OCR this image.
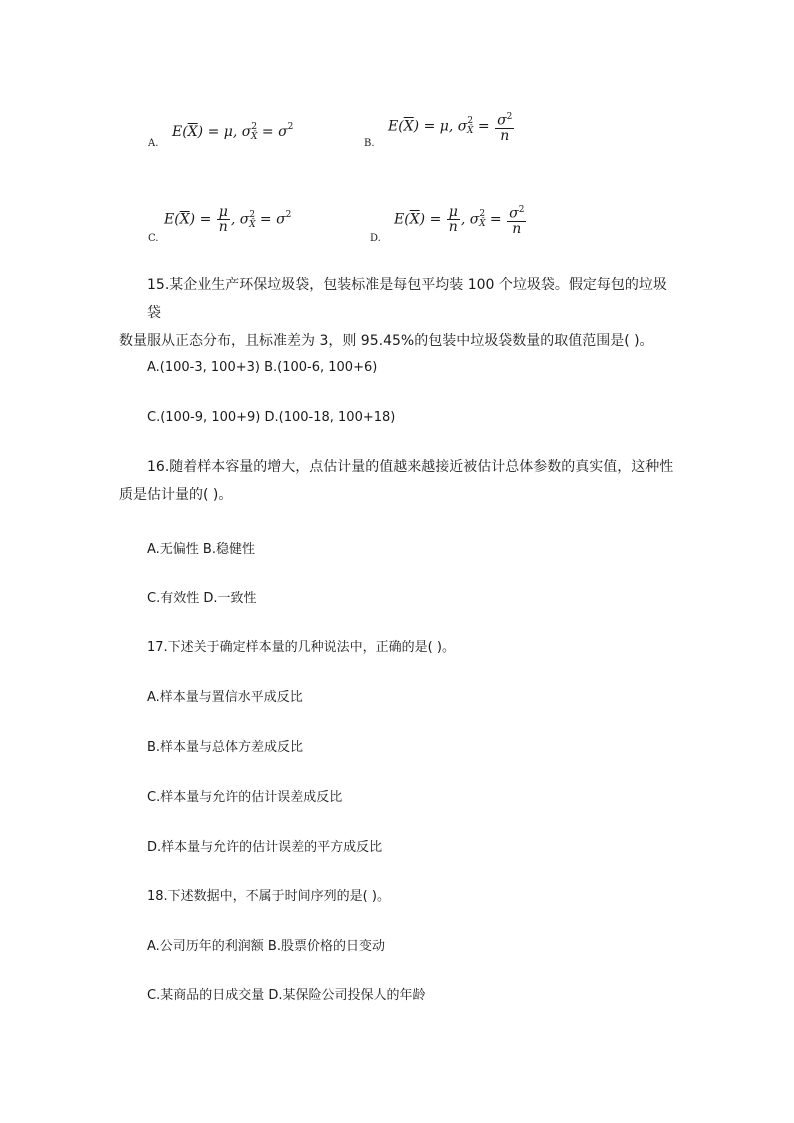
A.
$E(\overline{X}) = \mu$, $\sigma^2_{X̄} = \sigma^2$
B.
$E(\overline{X}) = \mu$, $\sigma^2_{X̄} = \frac{\sigma^2}{n}$
C.
$E(\overline{X}) = \frac{\mu}{n}$ , $\sigma^2_{X̄} = \sigma^2$
D.
$E(\overline{X}) = \frac{\mu}{n}$ , $\sigma^2_{X̄} = \frac{\sigma^2}{n}$
15.某企业生产环保垃圾袋，包装标准是每包平均装 100 个垃圾袋。假定每包的垃圾袋
数量服从正态分布，且标准差为 3，则 95.45%的包装中垃圾袋数量的取值范围是( )。
A.(100-3, 100+3) B.(100-6, 100+6)
C.(100-9, 100+9) D.(100-18, 100+18)
16.随着样本容量的增大，点估计量的值越来越接近被估计总体参数的真实值，这种性
质是估计量的( )。
A.无偏性 B.稳健性
C.有效性 D.一致性
17.下述关于确定样本量的几种说法中，正确的是( )。
A.样本量与置信水平成反比
B.样本量与总体方差成反比
C.样本量与允许的估计误差成反比
D.样本量与允许的估计误差的平方成反比
18.下述数据中，不属于时间序列的是( )。
A.公司历年的利润额 B.股票价格的日变动
C.某商品的日成交量 D.某保险公司投保人的年龄
